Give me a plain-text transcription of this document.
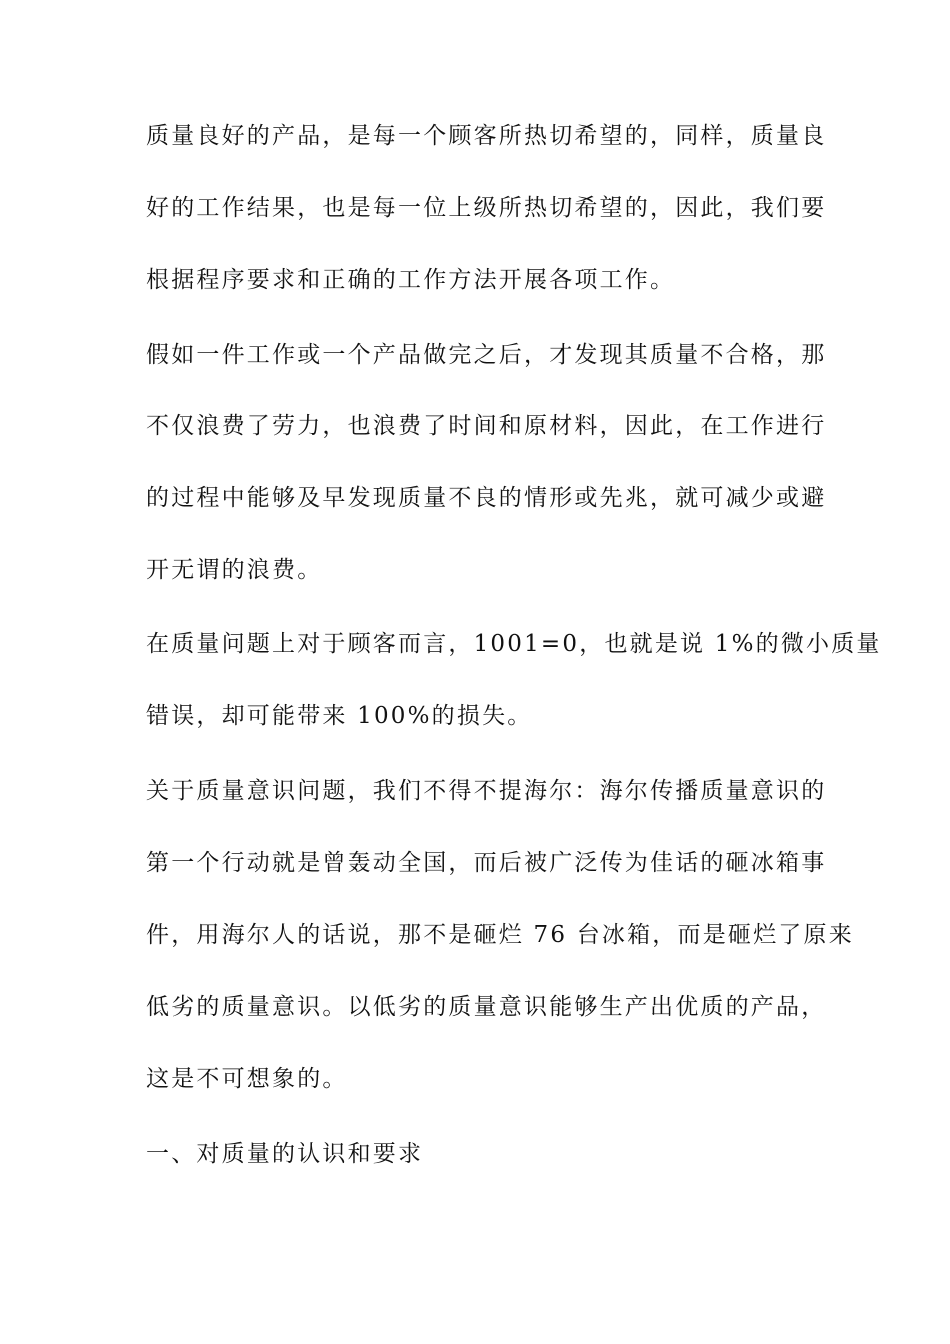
质量良好的产品，是每一个顾客所热切希望的，同样，质量良
好的工作结果，也是每一位上级所热切希望的，因此，我们要
根据程序要求和正确的工作方法开展各项工作。
假如一件工作或一个产品做完之后，才发现其质量不合格，那
不仅浪费了劳力，也浪费了时间和原材料，因此，在工作进行
的过程中能够及早发现质量不良的情形或先兆，就可减少或避
开无谓的浪费。
在质量问题上对于顾客而言，1001=0，也就是说 1%的微小质量
错误，却可能带来 100%的损失。
关于质量意识问题，我们不得不提海尔：海尔传播质量意识的
第一个行动就是曾轰动全国，而后被广泛传为佳话的砸冰箱事
件，用海尔人的话说，那不是砸烂 76 台冰箱，而是砸烂了原来
低劣的质量意识。以低劣的质量意识能够生产出优质的产品，
这是不可想象的。
一、对质量的认识和要求
